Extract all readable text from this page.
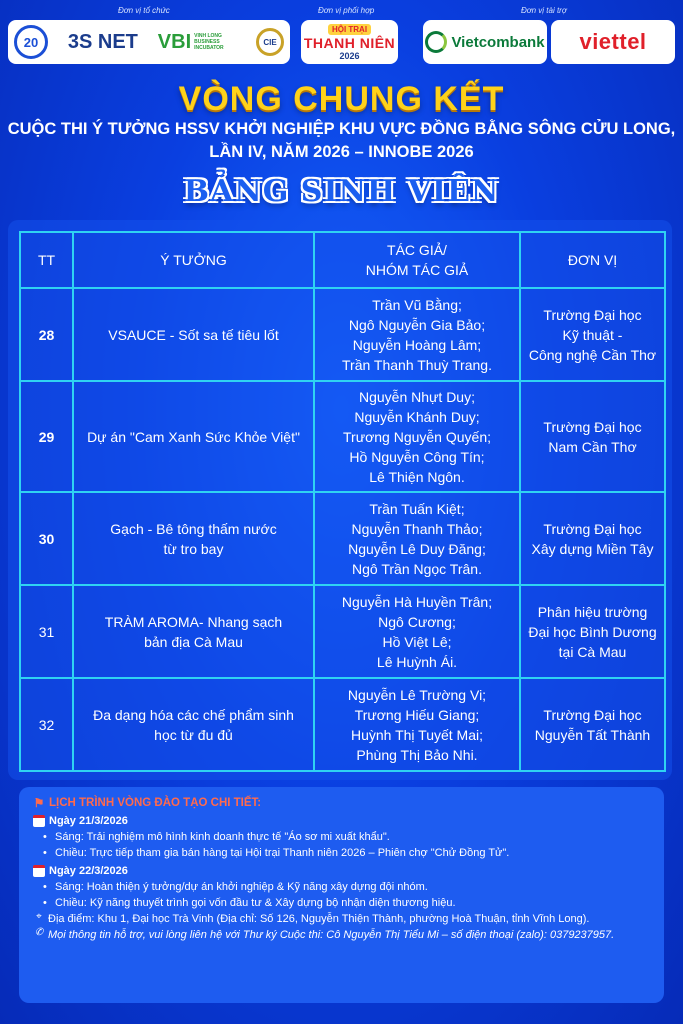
Đơn vị tổ chức	Đơn vị phối hợp	Đơn vị tài trợ
20	3S NET VBI VINH LONG BUSINESS INCUBATOR
CIE
HỘI TRẠI
THANH NIÊN
2026
Vietcombank	viettel
VÒNG CHUNG KẾT
CUỘC THI Ý TƯỞNG HSSV KHỞI NGHIỆP KHU VỰC ĐỒNG BẰNG SÔNG CỬU LONG,
LẦN IV, NĂM 2026 – INNOBE 2026
BẢNG SINH VIÊN
TT	Ý TƯỞNG	TÁC GIẢ/
NHÓM TÁC GIẢ	ĐƠN VỊ
28	VSAUCE - Sốt sa tế tiêu lốt	Trần Vũ Bằng;
Ngô Nguyễn Gia Bảo;
Nguyễn Hoàng Lâm;
Trần Thanh Thuỳ Trang.	Trường Đại học
Kỹ thuật -
Công nghệ Cần Thơ

29	Dự án "Cam Xanh Sức Khỏe Việt"	Nguyễn Nhựt Duy;
Nguyễn Khánh Duy;
Trương Nguyễn Quyến;
Hồ Nguyễn Công Tín;
Lê Thiện Ngôn.	Trường Đại học
Nam Cần Thơ

30	Gạch - Bê tông thấm nước
từ tro bay	Trần Tuấn Kiệt;
Nguyễn Thanh Thảo;
Nguyễn Lê Duy Đăng;
Ngô Trần Ngọc Trân.	Trường Đại học
Xây dựng Miền Tây

31	TRÀM AROMA- Nhang sạch
bản địa Cà Mau	Nguyễn Hà Huyền Trân;
Ngô Cương;
Hồ Việt Lê;
Lê Huỳnh Ái.	Phân hiệu trường
Đại học Bình Dương
tại Cà Mau

32	Đa dạng hóa các chế phẩm sinh
học từ đu đủ	Nguyễn Lê Trường Vi;
Trương Hiếu Giang;
Huỳnh Thị Tuyết Mai;
Phùng Thị Bảo Nhi.	Trường Đại học
Nguyễn Tất Thành
⚑ LỊCH TRÌNH VÒNG ĐÀO TẠO CHI TIẾT:
Ngày 21/3/2026
• Sáng: Trải nghiệm mô hình kinh doanh thực tế "Áo sơ mi xuất khẩu".
• Chiều: Trực tiếp tham gia bán hàng tại Hội trại Thanh niên 2026 – Phiên chợ "Chử Đồng Tử".
Ngày 22/3/2026
• Sáng: Hoàn thiện ý tưởng/dự án khởi nghiệp & Kỹ năng xây dựng đội nhóm.
• Chiều: Kỹ năng thuyết trình gọi vốn đầu tư & Xây dựng bộ nhận diện thương hiệu.
⌖ Địa điểm: Khu 1, Đại học Trà Vinh (Địa chỉ: Số 126, Nguyễn Thiện Thành, phường Hoà Thuận, tỉnh Vĩnh Long).
✆ Mọi thông tin hỗ trợ, vui lòng liên hệ với Thư ký Cuộc thi: Cô Nguyễn Thị Tiểu Mi – số điện thoại (zalo): 0379237957.
